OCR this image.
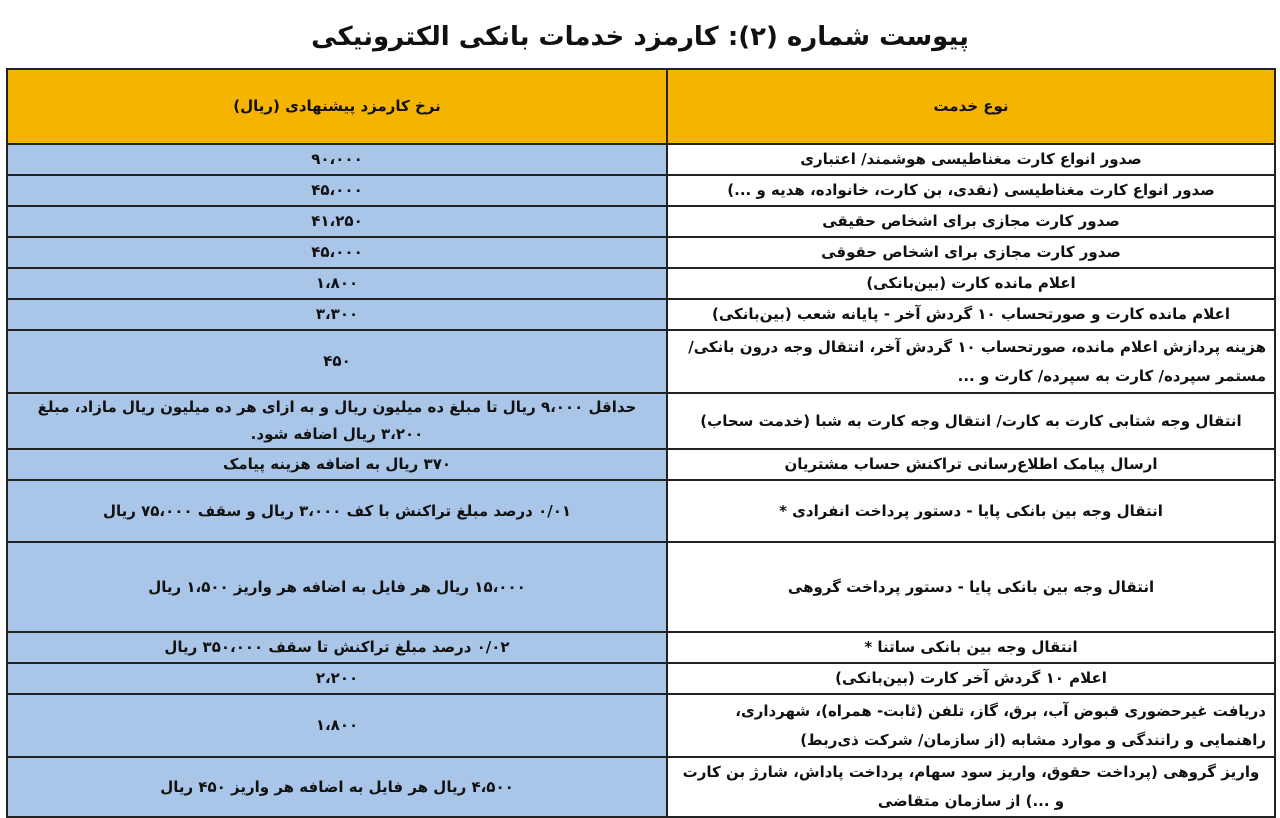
پیوست شماره (۲): کارمزد خدمات بانکی الکترونیکی
نوع خدمت	نرخ کارمزد پیشنهادی (ریال)
صدور انواع کارت مغناطیسی هوشمند/ اعتباری	۹۰،۰۰۰
صدور انواع کارت مغناطیسی (نقدی، بن کارت، خانواده، هدیه و ...)	۴۵،۰۰۰
صدور کارت مجازی برای اشخاص حقیقی	۴۱،۲۵۰
صدور کارت مجازی برای اشخاص حقوقی	۴۵،۰۰۰
اعلام مانده کارت (بین‌بانکی)	۱،۸۰۰
اعلام مانده کارت و صورتحساب ۱۰ گردش آخر - پایانه شعب (بین‌بانکی)	۳،۳۰۰
هزینه پردازش اعلام مانده، صورتحساب ۱۰ گردش آخر، انتقال وجه درون بانکی/ مستمر سپرده/ کارت به سپرده/ کارت و ...	۴۵۰
انتقال وجه شتابی کارت به کارت/ انتقال وجه کارت به شبا (خدمت سحاب)	حداقل ۹،۰۰۰ ریال تا مبلغ ده میلیون ریال و به ازای هر ده میلیون ریال مازاد، مبلغ ۳،۲۰۰ ریال اضافه شود.
ارسال پیامک اطلاع‌رسانی تراکنش حساب مشتریان	۳۷۰ ریال به اضافه هزینه پیامک
انتقال وجه بین بانکی پایا - دستور پرداخت انفرادی *	۰/۰۱ درصد مبلغ تراکنش با کف ۳،۰۰۰ ریال و سقف ۷۵،۰۰۰ ریال
انتقال وجه بین بانکی پایا - دستور پرداخت گروهی	۱۵،۰۰۰ ریال هر فایل به اضافه هر واریز ۱،۵۰۰ ریال
انتقال وجه بین بانکی ساتنا *	۰/۰۲ درصد مبلغ تراکنش تا سقف ۳۵۰،۰۰۰ ریال
اعلام ۱۰ گردش آخر کارت (بین‌بانکی)	۲،۲۰۰
دریافت غیرحضوری قبوض آب، برق، گاز، تلفن (ثابت- همراه)، شهرداری، راهنمایی و رانندگی و موارد مشابه (از سازمان/ شرکت ذی‌ربط)	۱،۸۰۰
واریز گروهی (پرداخت حقوق، واریز سود سهام، پرداخت پاداش، شارژ بن کارت و ...) از سازمان متقاضی	۴،۵۰۰ ریال هر فایل به اضافه هر واریز ۴۵۰ ریال
